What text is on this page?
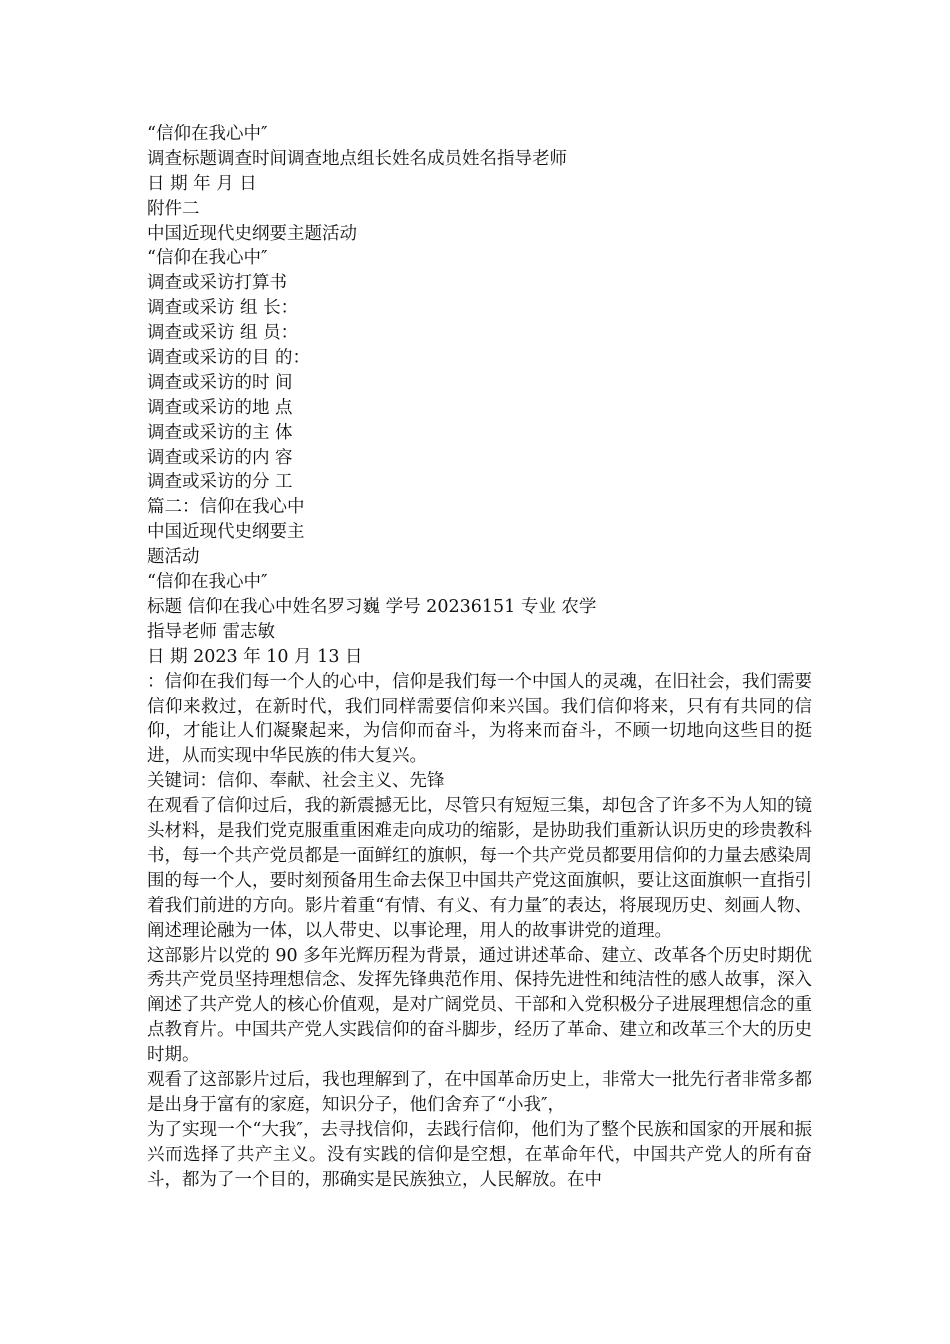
“信仰在我心中″
调查标题调查时间调查地点组长姓名成员姓名指导老师
日 期 年 月 日
附件二
中国近现代史纲要主题活动
“信仰在我心中″
调查或采访打算书
调查或采访 组 长：
调查或采访 组 员：
调查或采访的目 的：
调查或采访的时 间
调查或采访的地 点
调查或采访的主 体
调查或采访的内 容
调查或采访的分 工
篇二：信仰在我心中
中国近现代史纲要主
题活动
“信仰在我心中″
标题 信仰在我心中姓名罗习巍 学号 20236151 专业 农学
指导老师 雷志敏
日 期 2023 年 10 月 13 日

：信仰在我们每一个人的心中，信仰是我们每一个中国人的灵魂，在旧社会，我们需要信仰来救过，在新时代，我们同样需要信仰来兴国。我们信仰将来，只有有共同的信仰，才能让人们凝聚起来，为信仰而奋斗，为将来而奋斗，不顾一切地向这些目的挺进，从而实现中华民族的伟大复兴。

关键词：信仰、奉献、社会主义、先锋

在观看了信仰过后，我的新震撼无比，尽管只有短短三集，却包含了许多不为人知的镜头材料，是我们党克服重重困难走向成功的缩影，是协助我们重新认识历史的珍贵教科书，每一个共产党员都是一面鲜红的旗帜，每一个共产党员都要用信仰的力量去感染周围的每一个人，要时刻预备用生命去保卫中国共产党这面旗帜，要让这面旗帜一直指引着我们前进的方向。影片着重“有情、有义、有力量″的表达，将展现历史、刻画人物、阐述理论融为一体，以人带史、以事论理，用人的故事讲党的道理。

这部影片以党的 90 多年光辉历程为背景，通过讲述革命、建立、改革各个历史时期优秀共产党员坚持理想信念、发挥先锋典范作用、保持先进性和纯洁性的感人故事，深入阐述了共产党人的核心价值观，是对广阔党员、干部和入党积极分子进展理想信念的重点教育片。中国共产党人实践信仰的奋斗脚步，经历了革命、建立和改革三个大的历史时期。

观看了这部影片过后，我也理解到了，在中国革命历史上，非常大一批先行者非常多都是出身于富有的家庭，知识分子，他们舍弃了“小我″，

为了实现一个“大我″，去寻找信仰，去践行信仰，他们为了整个民族和国家的开展和振兴而选择了共产主义。没有实践的信仰是空想，在革命年代，中国共产党人的所有奋斗，都为了一个目的，那确实是民族独立，人民解放。在中
